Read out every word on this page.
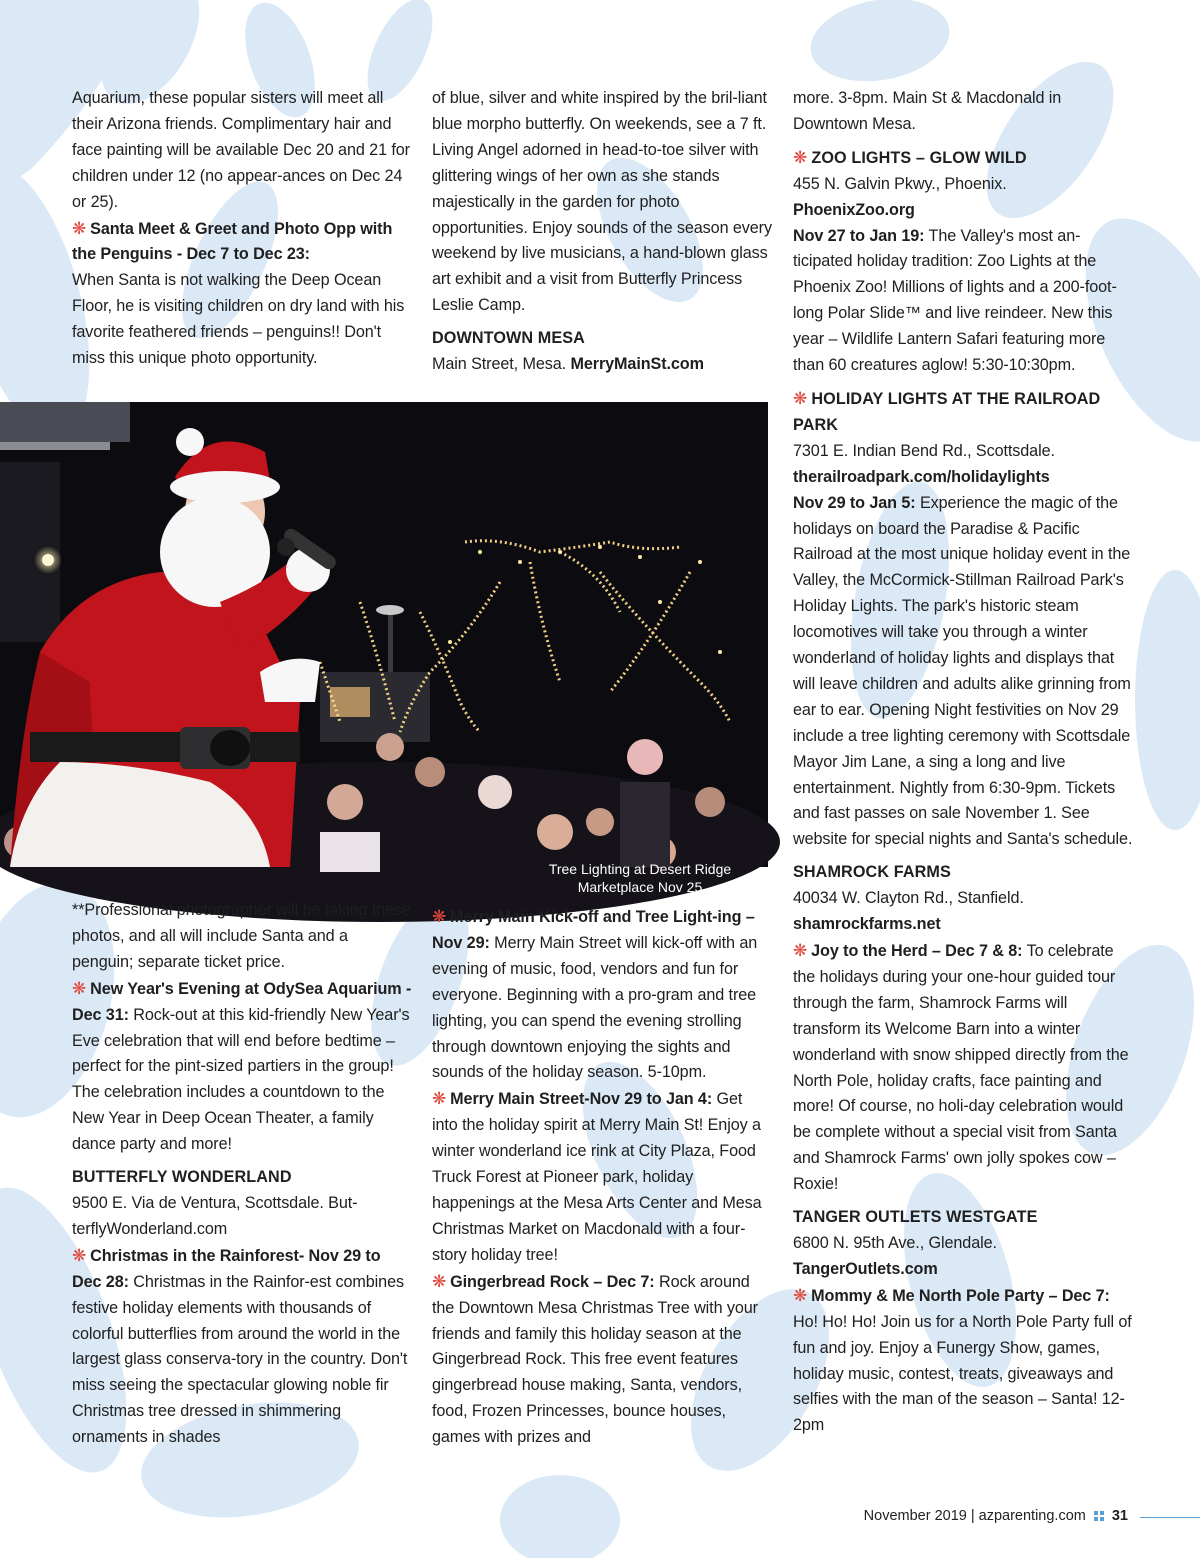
Aquarium, these popular sisters will meet all their Arizona friends. Complimentary hair and face painting will be available Dec 20 and 21 for children under 12 (no appear-ances on Dec 24 or 25).

❋ Santa Meet & Greet and Photo Opp with the Penguins - Dec 7 to Dec 23:

When Santa is not walking the Deep Ocean Floor, he is visiting children on dry land with his favorite feathered friends – penguins!! Don't miss this unique photo opportunity.

of blue, silver and white inspired by the bril-liant blue morpho butterfly. On weekends, see a 7 ft. Living Angel adorned in head-to-toe silver with glittering wings of her own as she stands majestically in the garden for photo opportunities. Enjoy sounds of the season every weekend by live musicians, a hand-blown glass art exhibit and a visit from Butterfly Princess Leslie Camp.

DOWNTOWN MESA

Main Street, Mesa. MerryMainSt.com

more. 3-8pm. Main St & Macdonald in Downtown Mesa.

❋ ZOO LIGHTS – GLOW WILD

455 N. Galvin Pkwy., Phoenix.

PhoenixZoo.org

Nov 27 to Jan 19: The Valley's most an-ticipated holiday tradition: Zoo Lights at the Phoenix Zoo! Millions of lights and a 200-foot-long Polar Slide™ and live reindeer. New this year – Wildlife Lantern Safari featuring more than 60 creatures aglow! 5:30-10:30pm.

❋ HOLIDAY LIGHTS AT THE RAILROAD PARK

7301 E. Indian Bend Rd., Scottsdale.

therailroadpark.com/holidaylights

Nov 29 to Jan 5: Experience the magic of the holidays on board the Paradise & Pacific Railroad at the most unique holiday event in the Valley, the McCormick-Stillman Railroad Park's Holiday Lights. The park's historic steam locomotives will take you through a winter wonderland of holiday lights and displays that will leave children and adults alike grinning from ear to ear. Opening Night festivities on Nov 29 include a tree lighting ceremony with Scottsdale Mayor Jim Lane, a sing a long and live entertainment. Nightly from 6:30-9pm. Tickets and fast passes on sale November 1. See website for special nights and Santa's schedule.

SHAMROCK FARMS

40034 W. Clayton Rd., Stanfield.

shamrockfarms.net

❋ Joy to the Herd – Dec 7 & 8: To celebrate the holidays during your one-hour guided tour through the farm, Shamrock Farms will transform its Welcome Barn into a winter wonderland with snow shipped directly from the North Pole, holiday crafts, face painting and more! Of course, no holi-day celebration would be complete without a special visit from Santa and Shamrock Farms' own jolly spokes cow – Roxie!

TANGER OUTLETS WESTGATE

6800 N. 95th Ave., Glendale.

TangerOutlets.com

❋ Mommy & Me North Pole Party – Dec 7: Ho! Ho! Ho! Join us for a North Pole Party full of fun and joy. Enjoy a Funergy Show, games, holiday music, contest, treats, giveaways and selfies with the man of the season – Santa! 12-2pm

Tree Lighting at Desert Ridge Marketplace Nov 25

**Professional photographer will be taking these photos, and all will include Santa and a penguin; separate ticket price.

❋ New Year's Evening at OdySea Aquarium - Dec 31: Rock-out at this kid-friendly New Year's Eve celebration that will end before bedtime – perfect for the pint-sized partiers in the group! The celebration includes a countdown to the New Year in Deep Ocean Theater, a family dance party and more!

BUTTERFLY WONDERLAND

9500 E. Via de Ventura, Scottsdale. But-terflyWonderland.com

❋ Christmas in the Rainforest- Nov 29 to Dec 28: Christmas in the Rainfor-est combines festive holiday elements with thousands of colorful butterflies from around the world in the largest glass conserva-tory in the country. Don't miss seeing the spectacular glowing noble fir Christmas tree dressed in shimmering ornaments in shades

❋ Merry Main Kick-off and Tree Light-ing – Nov 29: Merry Main Street will kick-off with an evening of music, food, vendors and fun for everyone. Beginning with a pro-gram and tree lighting, you can spend the evening strolling through downtown enjoying the sights and sounds of the holiday season. 5-10pm.

❋ Merry Main Street-Nov 29 to Jan 4: Get into the holiday spirit at Merry Main St! Enjoy a winter wonderland ice rink at City Plaza, Food Truck Forest at Pioneer park, holiday happenings at the Mesa Arts Center and Mesa Christmas Market on Macdonald with a four-story holiday tree!

❋ Gingerbread Rock – Dec 7: Rock around the Downtown Mesa Christmas Tree with your friends and family this holiday season at the Gingerbread Rock. This free event features gingerbread house making, Santa, vendors, food, Frozen Princesses, bounce houses, games with prizes and

November 2019 | azparenting.com 31
